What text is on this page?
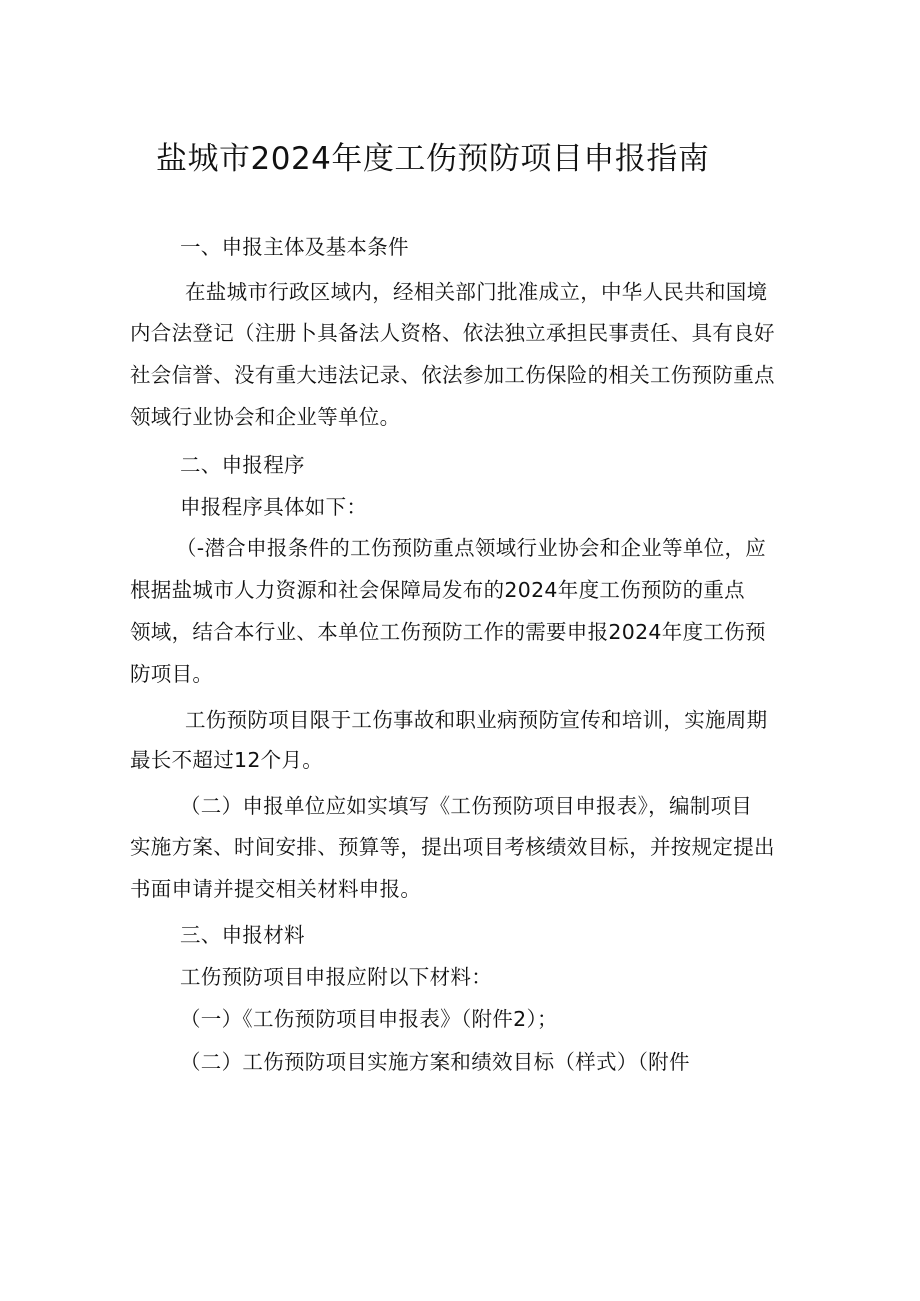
盐城市2024年度工伤预防项目申报指南
一、申报主体及基本条件
在盐城市行政区域内，经相关部门批准成立，中华人民共和国境
内合法登记（注册卜具备法人资格、依法独立承担民事责任、具有良好
社会信誉、没有重大违法记录、依法参加工伤保险的相关工伤预防重点
领域行业协会和企业等单位。
二、申报程序
申报程序具体如下：
（-潜合申报条件的工伤预防重点领域行业协会和企业等单位，应
根据盐城市人力资源和社会保障局发布的2024年度工伤预防的重点
领域，结合本行业、本单位工伤预防工作的需要申报2024年度工伤预
防项目。
工伤预防项目限于工伤事故和职业病预防宣传和培训，实施周期
最长不超过12个月。
（二）申报单位应如实填写《工伤预防项目申报表》，编制项目
实施方案、时间安排、预算等，提出项目考核绩效目标，并按规定提出
书面申请并提交相关材料申报。
三、申报材料
工伤预防项目申报应附以下材料：
（一）《工伤预防项目申报表》（附件2）；
（二）工伤预防项目实施方案和绩效目标（样式）（附件
